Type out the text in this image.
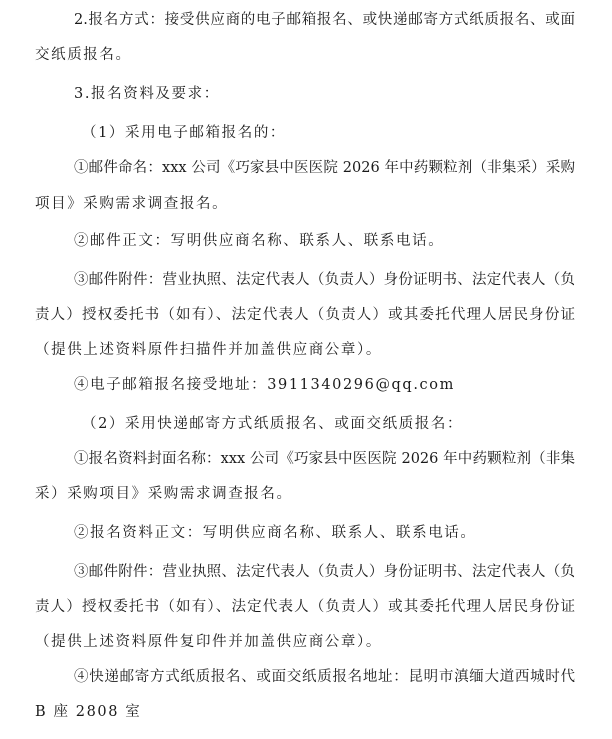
2.报名方式：接受供应商的电子邮箱报名、或快递邮寄方式纸质报名、或面
交纸质报名。
3.报名资料及要求：
（1）采用电子邮箱报名的：
①邮件命名：xxx 公司《巧家县中医医院 2026 年中药颗粒剂（非集采）采购
项目》采购需求调查报名。
②邮件正文：写明供应商名称、联系人、联系电话。
③邮件附件：营业执照、法定代表人（负责人）身份证明书、法定代表人（负
责人）授权委托书（如有）、法定代表人（负责人）或其委托代理人居民身份证
（提供上述资料原件扫描件并加盖供应商公章）。
④电子邮箱报名接受地址：3911340296@qq.com
（2）采用快递邮寄方式纸质报名、或面交纸质报名：
①报名资料封面名称：xxx 公司《巧家县中医医院 2026 年中药颗粒剂（非集
采）采购项目》采购需求调查报名。
②报名资料正文：写明供应商名称、联系人、联系电话。
③邮件附件：营业执照、法定代表人（负责人）身份证明书、法定代表人（负
责人）授权委托书（如有）、法定代表人（负责人）或其委托代理人居民身份证
（提供上述资料原件复印件并加盖供应商公章）。
④快递邮寄方式纸质报名、或面交纸质报名地址：昆明市滇缅大道西城时代
B 座 2808 室
